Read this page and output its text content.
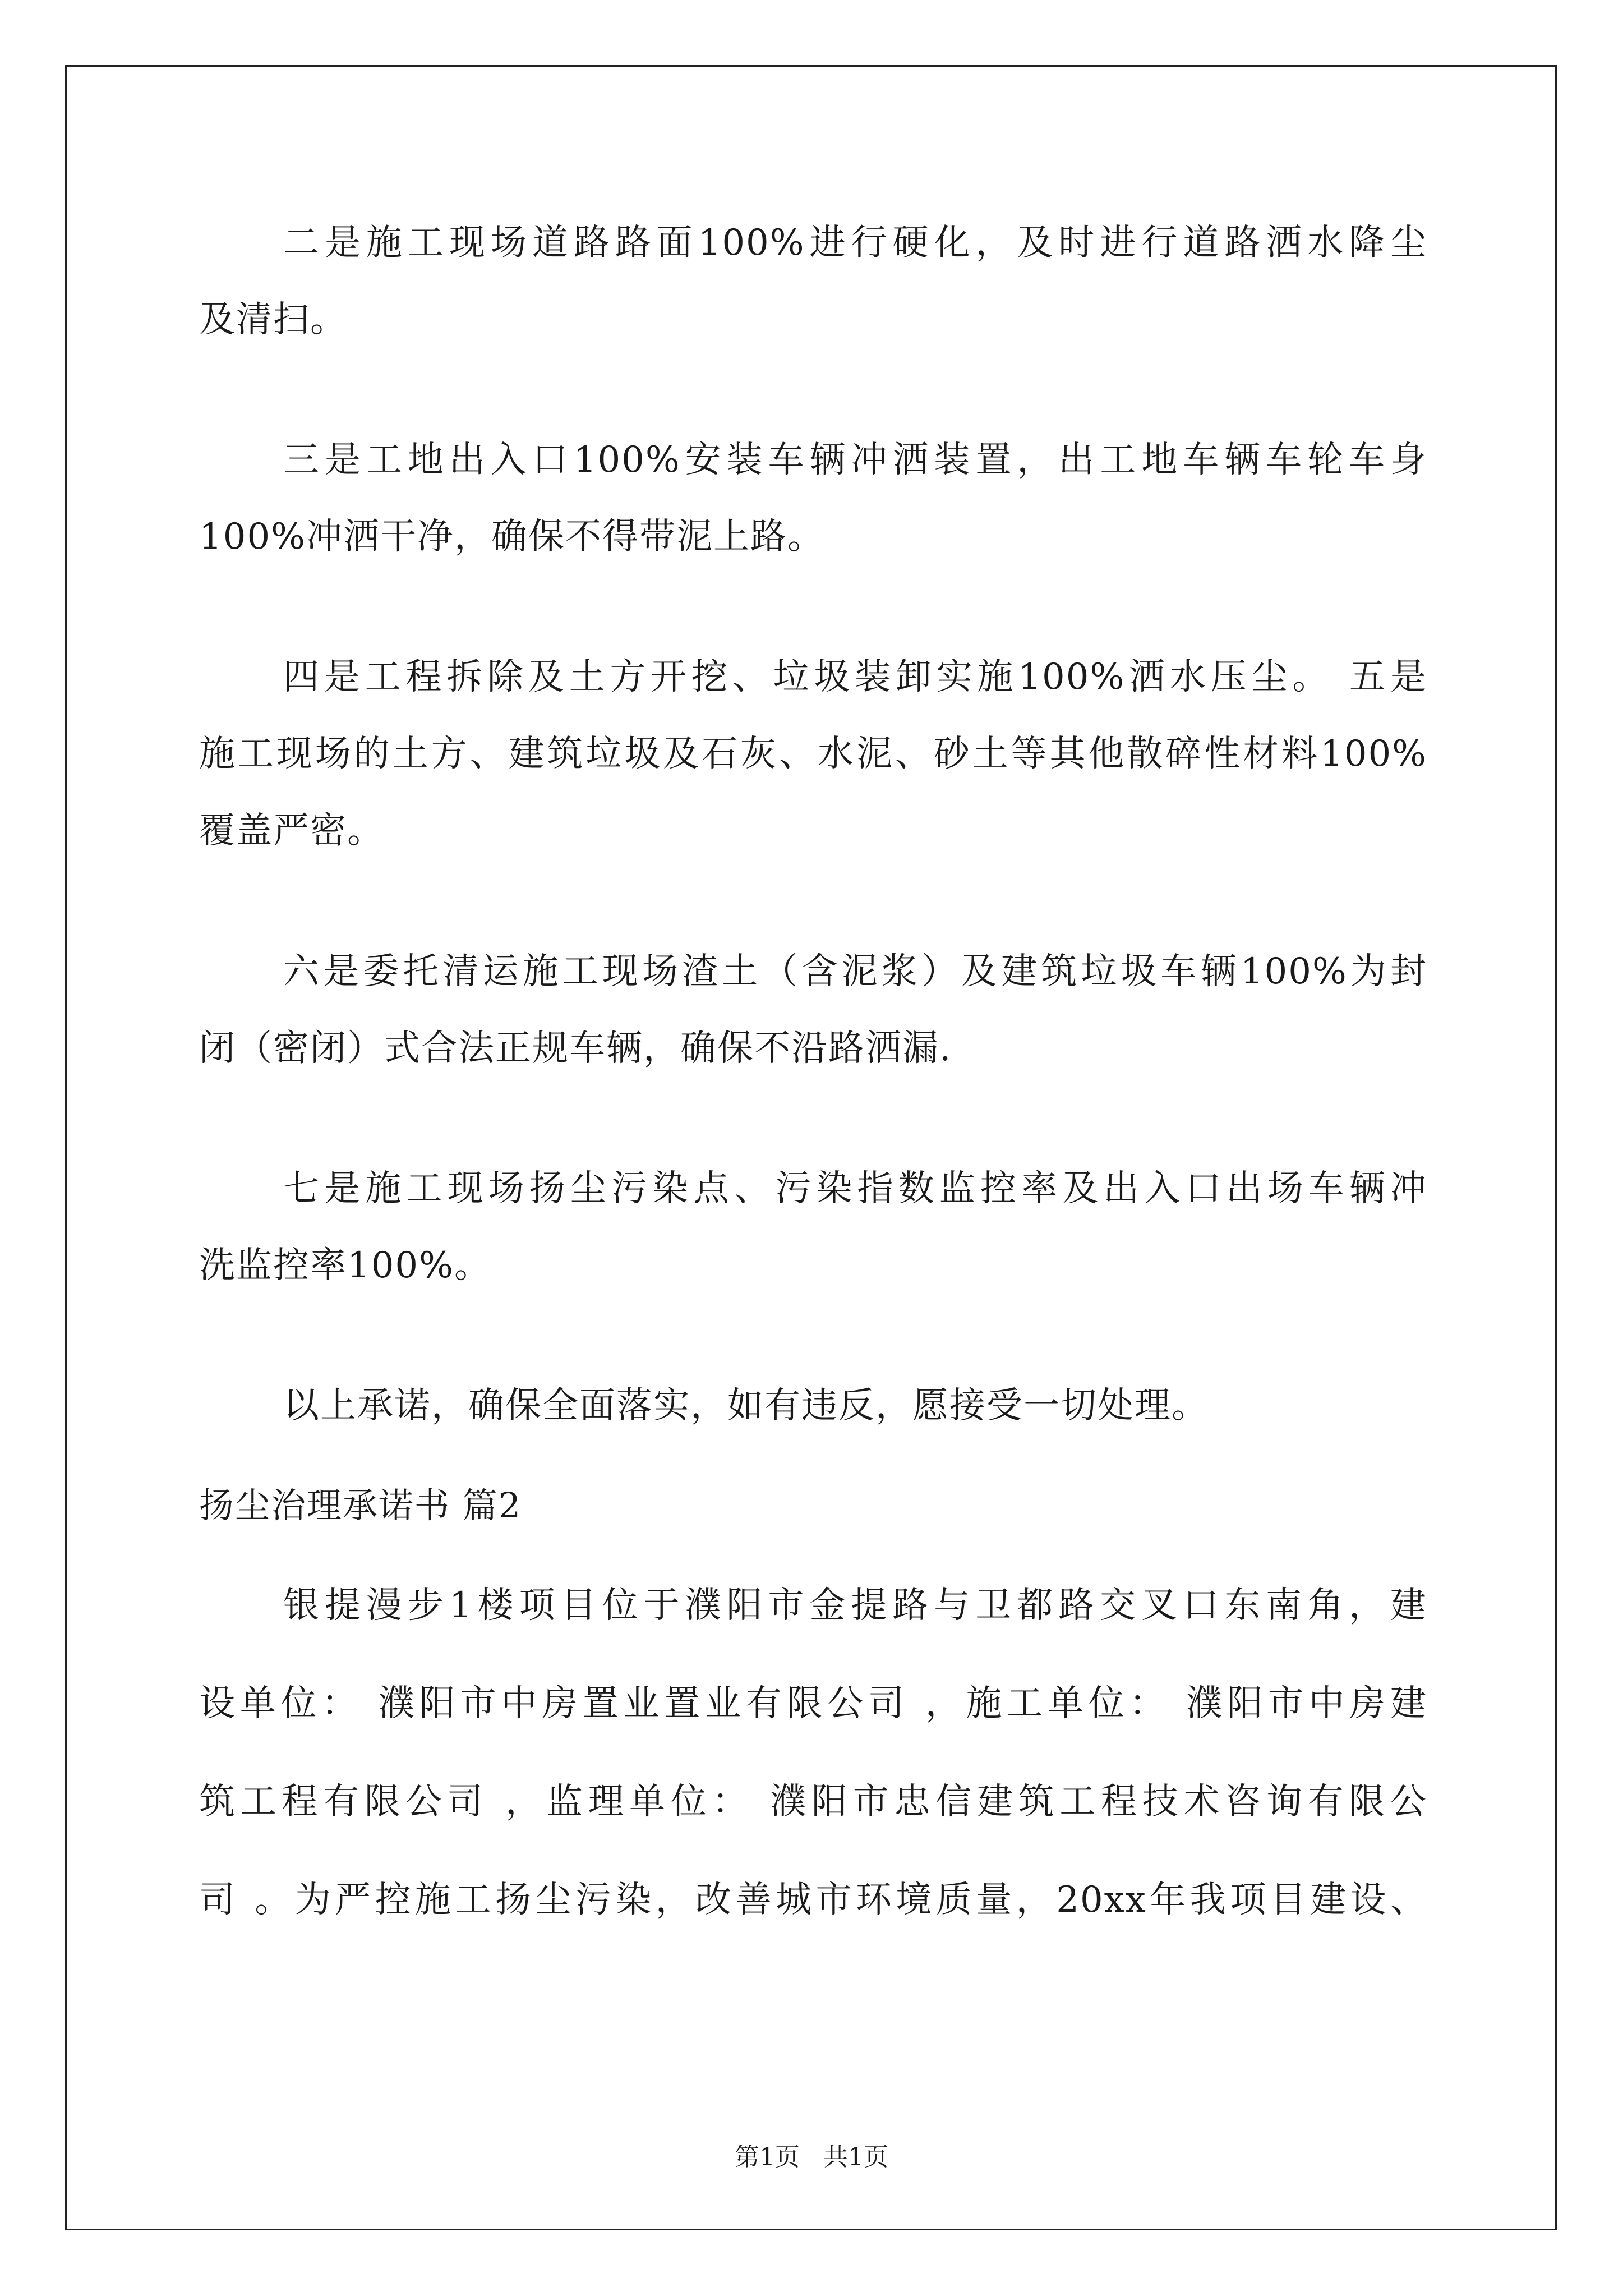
二是施工现场道路路面100%进行硬化，及时进行道路洒水降尘

及清扫。

三是工地出入口100%安装车辆冲洒装置，出工地车辆车轮车身

100%冲洒干净，确保不得带泥上路。

四是工程拆除及土方开挖、垃圾装卸实施100%洒水压尘。 五是

施工现场的土方、建筑垃圾及石灰、水泥、砂土等其他散碎性材料100%

覆盖严密。

六是委托清运施工现场渣土（含泥浆）及建筑垃圾车辆100%为封

闭（密闭）式合法正规车辆，确保不沿路洒漏.

七是施工现场扬尘污染点、污染指数监控率及出入口出场车辆冲

洗监控率100%。

以上承诺，确保全面落实，如有违反，愿接受一切处理。

扬尘治理承诺书 篇2

银提漫步1楼项目位于濮阳市金提路与卫都路交叉口东南角，建

设单位： 濮阳市中房置业置业有限公司 ，施工单位： 濮阳市中房建

筑工程有限公司 ，监理单位： 濮阳市忠信建筑工程技术咨询有限公

司 。为严控施工扬尘污染，改善城市环境质量，20xx年我项目建设、

第1页   共1页
